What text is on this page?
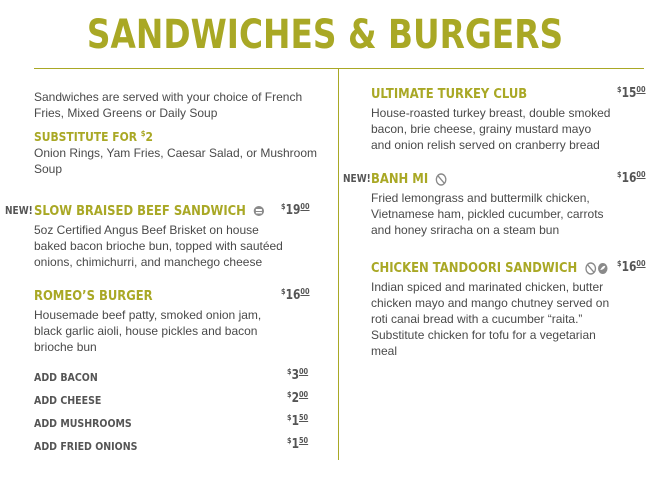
SANDWICHES & BURGERS
Sandwiches are served with your choice of French Fries, Mixed Greens or Daily Soup
SUBSTITUTE FOR $2
Onion Rings, Yam Fries, Caesar Salad, or Mushroom Soup
NEW! SLOW BRAISED BEEF SANDWICH
5oz Certified Angus Beef Brisket on house baked bacon brioche bun, topped with sautéed onions, chimichurri, and manchego cheese
$^{\$}19^{00}$
ROMEO’S BURGER
Housemade beef patty, smoked onion jam, black garlic aioli, house pickles and bacon brioche bun
$^{\$}16^{00}$
ADD BACON	$^{\$}3^{00}$
ADD CHEESE	$^{\$}2^{00}$
ADD MUSHROOMS	$^{\$}1^{50}$
ADD FRIED ONIONS	$^{\$}1^{50}$
ULTIMATE TURKEY CLUB
House-roasted turkey breast, double smoked bacon, brie cheese, grainy mustard mayo and onion relish served on cranberry bread
$^{\$}15^{00}$
NEW! BANH MI
Fried lemongrass and buttermilk chicken, Vietnamese ham, pickled cucumber, carrots and honey sriracha on a steam bun
$^{\$}16^{00}$
CHICKEN TANDOORI SANDWICH
Indian spiced and marinated chicken, butter chicken mayo and mango chutney served on roti canai bread with a cucumber “raita.” Substitute chicken for tofu for a vegetarian meal
$^{\$}16^{00}$
